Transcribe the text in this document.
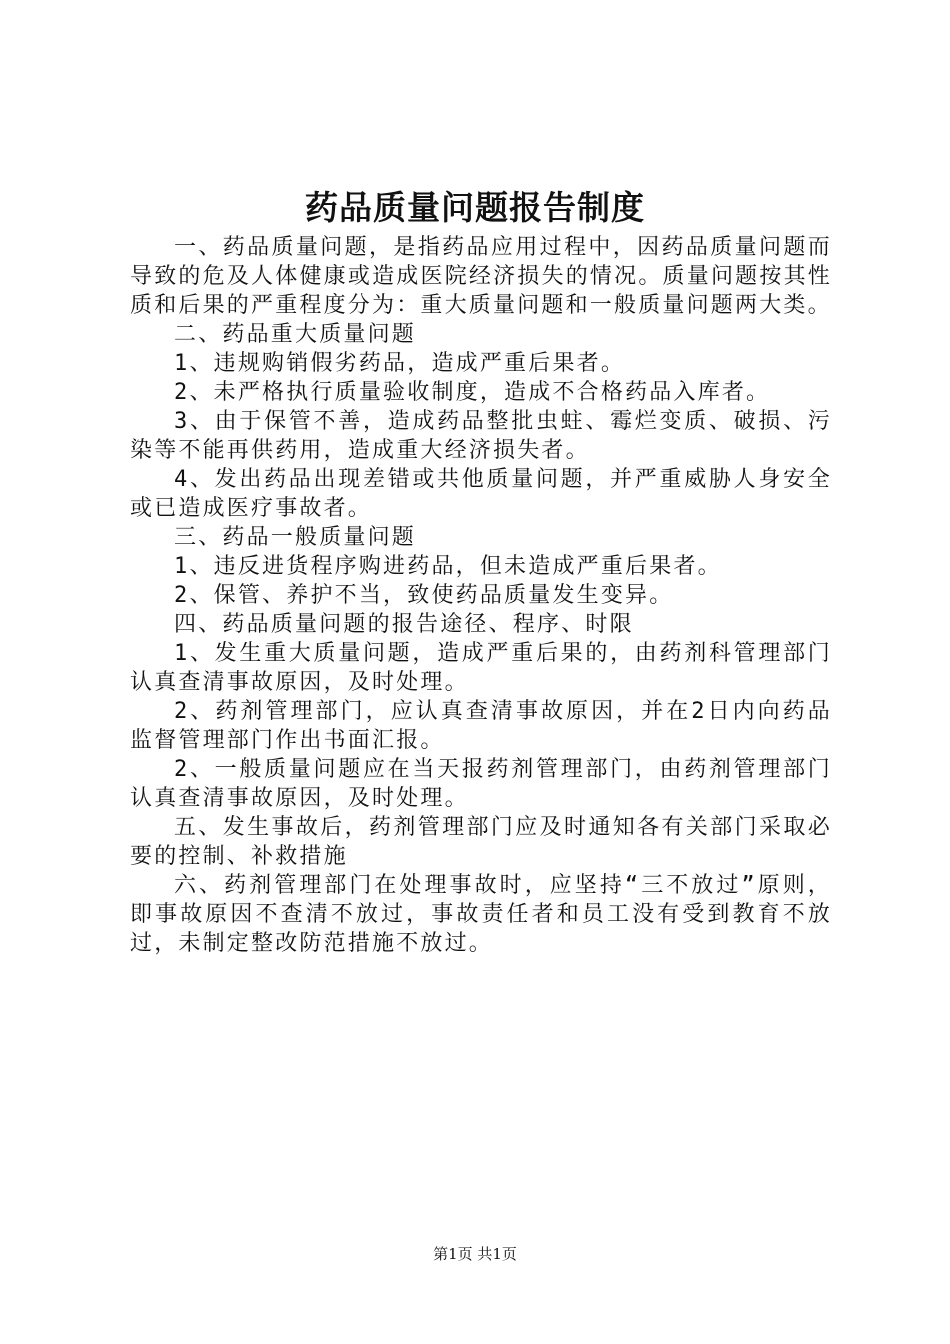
药品质量问题报告制度

一、药品质量问题，是指药品应用过程中，因药品质量问题而导致的危及人体健康或造成医院经济损失的情况。质量问题按其性质和后果的严重程度分为：重大质量问题和一般质量问题两大类。

二、药品重大质量问题

1、违规购销假劣药品，造成严重后果者。

2、未严格执行质量验收制度，造成不合格药品入库者。

3、由于保管不善，造成药品整批虫蛀、霉烂变质、破损、污染等不能再供药用，造成重大经济损失者。

4、发出药品出现差错或共他质量问题，并严重威胁人身安全或已造成医疗事故者。

三、药品一般质量问题

1、违反进货程序购进药品，但未造成严重后果者。

2、保管、养护不当，致使药品质量发生变异。

四、药品质量问题的报告途径、程序、时限

1、发生重大质量问题，造成严重后果的，由药剂科管理部门认真查清事故原因，及时处理。

2、药剂管理部门，应认真查清事故原因，并在2日内向药品监督管理部门作出书面汇报。

2、一般质量问题应在当天报药剂管理部门，由药剂管理部门认真查清事故原因，及时处理。

五、发生事故后，药剂管理部门应及时通知各有关部门采取必要的控制、补救措施

六、药剂管理部门在处理事故时，应坚持“三不放过”原则，即事故原因不查清不放过，事故责任者和员工没有受到教育不放过，未制定整改防范措施不放过。

第1页 共1页
